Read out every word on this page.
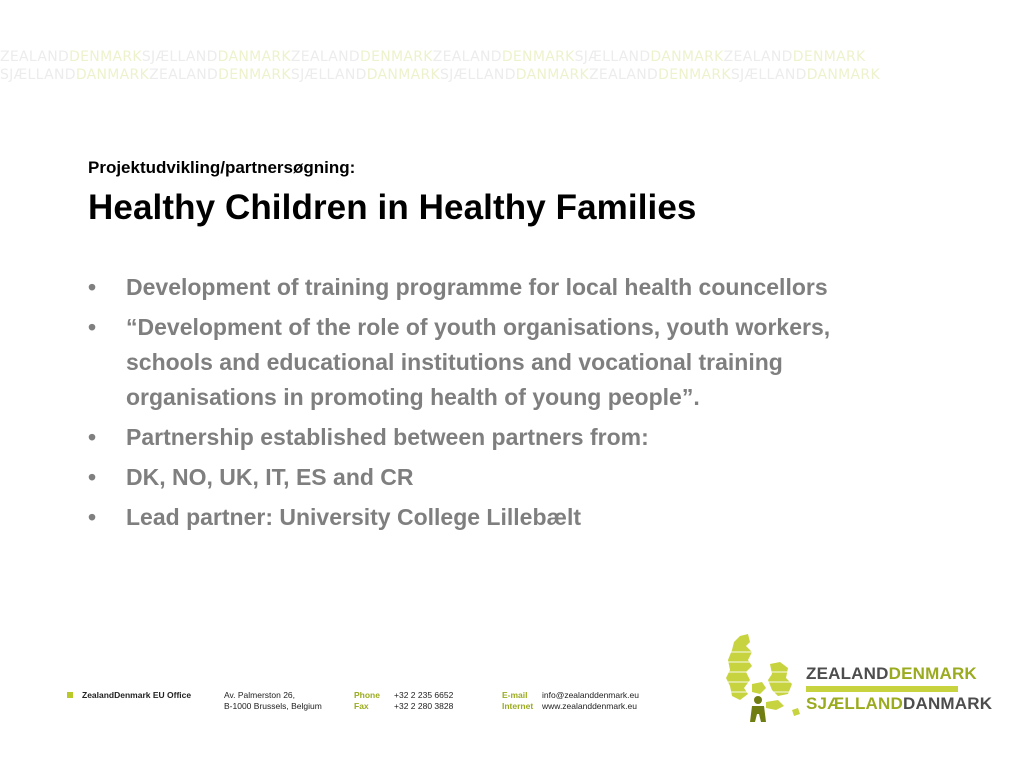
ZEALANDDENMARKSJÆLLANDDANMARKZEALANDDENMARKZEALANDDENMARKSJÆLLANDDANMARKZEALANDDENMARK
SJÆLLANDDANMARKZEALANDDENMARKSJÆLLANDDANMARKSJÆLLANDDANMARKZEALANDDENMARKSJÆLLANDDANMARK
Projektudvikling/partnersøgning:
Healthy Children in Healthy Families
• Development of training programme for local health councellors
• “Development of the role of youth organisations, youth workers, schools and educational institutions and vocational training organisations in promoting health of young people”.
• Partnership established between partners from:
• DK, NO, UK, IT, ES and CR
• Lead partner: University College Lillebælt
ZealandDenmark EU Office	Av. Palmerston 26,
B-1000 Brussels, Belgium
Phone
Fax
+32 2 235 6652
+32 2 280 3828
E-mail
Internet
info@zealanddenmark.eu
www.zealanddenmark.eu
ZEALANDDENMARK
SJÆLLANDDANMARK
